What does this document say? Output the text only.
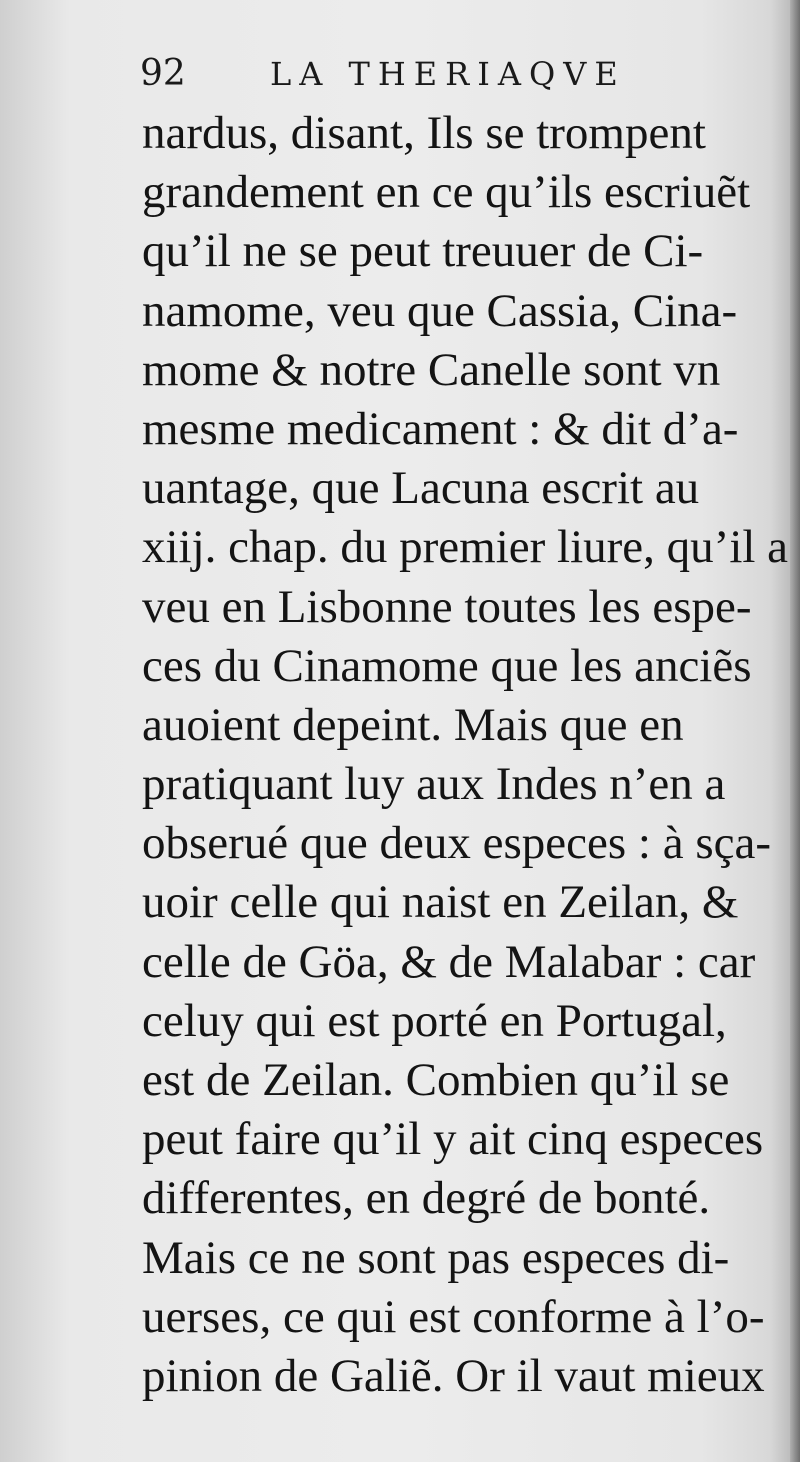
92	LA THERIAQVE
nardus, disant, Ils se trompent
grandement en ce qu’ils escriuẽt
qu’il ne se peut treuuer de Ci-
namome, veu que Cassia, Cina-
mome & notre Canelle sont vn
mesme medicament : & dit d’a-
uantage, que Lacuna escrit au
xiij. chap. du premier liure, qu’il a
veu en Lisbonne toutes les espe-
ces du Cinamome que les anciẽs
auoient depeint. Mais que en
pratiquant luy aux Indes n’en a
obserué que deux especes : à sça-
uoir celle qui naist en Zeilan, &
celle de Göa, & de Malabar : car
celuy qui est porté en Portugal,
est de Zeilan. Combien qu’il se
peut faire qu’il y ait cinq especes
differentes, en degré de bonté.
Mais ce ne sont pas especes di-
uerses, ce qui est conforme à l’o-
pinion de Galiẽ. Or il vaut mieux
